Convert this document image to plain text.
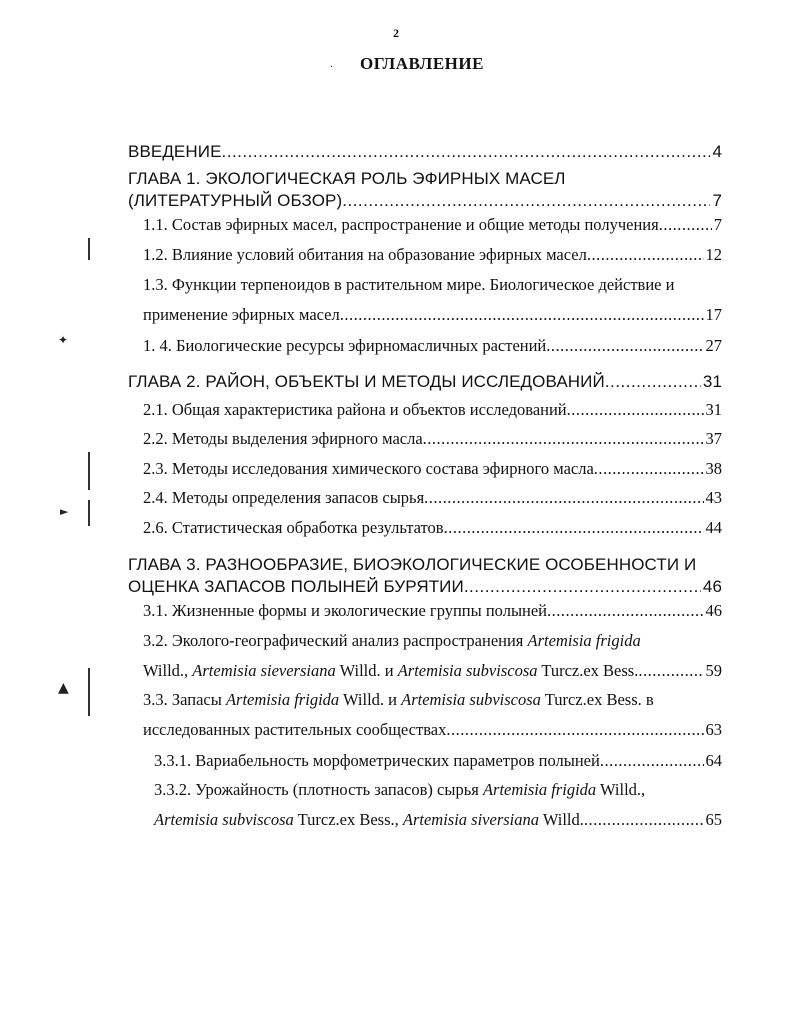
2
ОГЛАВЛЕНИЕ
ВВЕДЕНИЕ .....	4
ГЛАВА 1. ЭКОЛОГИЧЕСКАЯ РОЛЬ ЭФИРНЫХ МАСЕЛ
(ЛИТЕРАТУРНЫЙ ОБЗОР) .....	7
1.1. Состав эфирных масел, распространение и общие методы получения .....	7
1.2. Влияние условий обитания на образование эфирных масел .....	12
1.3. Функции терпеноидов в растительном мире. Биологическое действие и
применение эфирных масел .....	17
1. 4. Биологические ресурсы эфирномасличных растений .....	27
ГЛАВА 2. РАЙОН, ОБЪЕКТЫ И МЕТОДЫ ИССЛЕДОВАНИЙ .....	31
2.1. Общая характеристика района и объектов исследований .....	31
2.2. Методы выделения эфирного масла .....	37
2.3. Методы исследования химического состава эфирного масла .....	38
2.4. Методы определения запасов сырья .....	43
2.6. Статистическая обработка результатов .....	44
ГЛАВА 3. РАЗНООБРАЗИЕ, БИОЭКОЛОГИЧЕСКИЕ ОСОБЕННОСТИ И
ОЦЕНКА ЗАПАСОВ ПОЛЫНЕЙ БУРЯТИИ .....	46
3.1. Жизненные формы и экологические группы полыней .....	46
3.2. Эколого-географический анализ распространения Artemisia frigida
Willd., Artemisia sieversiana Willd. и Artemisia subviscosa Turcz.ex Bess. .....	59
3.3. Запасы Artemisia frigida Willd. и Artemisia subviscosa Turcz.ex Bess. в
исследованных растительных сообществах .....	63
3.3.1. Вариабельность морфометрических параметров полыней .....	64
3.3.2. Урожайность (плотность запасов) сырья Artemisia frigida Willd.,
Artemisia subviscosa Turcz.ex Bess., Artemisia siversiana Willd. .....	65
·
✦
►
▲
